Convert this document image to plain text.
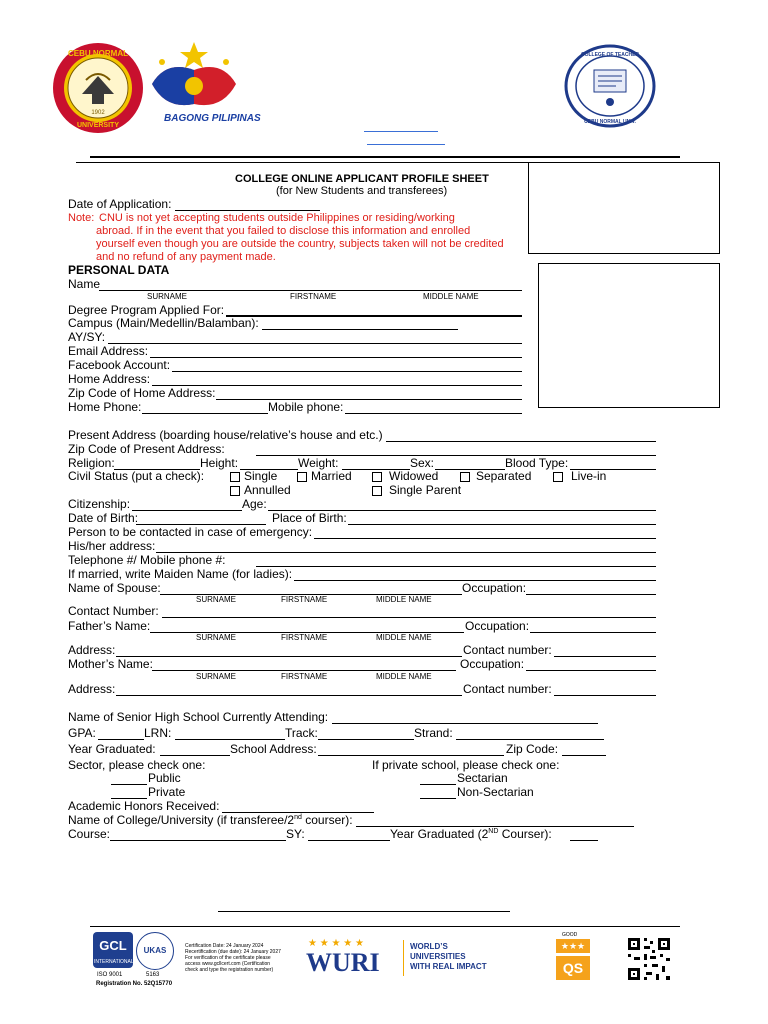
CEBU NORMAL
UNIVERSITY
1902	BAGONG PILIPINAS
COLLEGE OF TEACHER
CEBU NORMAL UNIV.
COLLEGE ONLINE APPLICANT PROFILE SHEET
(for New Students and transferees)
Date of Application:
Note: CNU is not yet accepting students outside Philippines or residing/working
abroad. If in the event that you failed to disclose this information and enrolled
yourself even though you are outside the country, subjects taken will not be credited
and no refund of any payment made.
PERSONAL DATA
Name
SURNAME	FIRSTNAME	MIDDLE NAME
Degree Program Applied For:
Campus (Main/Medellin/Balamban):
AY/SY:
Email Address:
Facebook Account:
Home Address:
Zip Code of Home Address:
Home Phone:	Mobile phone:
Present Address (boarding house/relative’s house and etc.)
Zip Code of Present Address:
Religion:	Height:	Weight:	Sex:	Blood Type:
Civil Status (put a check):	Single	Married	Widowed	Separated	Live-in
Annulled	Single Parent
Citizenship:	Age:
Date of Birth:	Place of Birth:
Person to be contacted in case of emergency:
His/her address:
Telephone #/ Mobile phone #:
If married, write Maiden Name (for ladies):
Name of Spouse:	Occupation:
SURNAME	FIRSTNAME	MIDDLE NAME
Contact Number:
Father’s Name:	Occupation:
SURNAME	FIRSTNAME	MIDDLE NAME
Address:	Contact number:
Mother’s Name:	Occupation:
SURNAME	FIRSTNAME	MIDDLE NAME
Address:	Contact number:
Name of Senior High School Currently Attending:
GPA:	LRN:	Track:	Strand:
Year Graduated:	School Address:	Zip Code:
Sector, please check one:	If private school, please check one:
Public	Sectarian
Private	Non-Sectarian
Academic Honors Received:
Name of College/University (if transferee/2nd courser):
Course:	SY:	Year Graduated (2ND Courser):
GCL
INTERNATIONAL
UKAS
ISO 9001	5163
Registration No. 52Q15770
Certification Date: 24 January 2024
Recertification (due date): 24 January 2027
For verification of the certificate please
access www.gcllcert.com (Certification
check and type the registration number)
★ ★ ★ ★ ★
WURI
WORLD’S
UNIVERSITIES
WITH REAL IMPACT
GOOD
★★★
QS
